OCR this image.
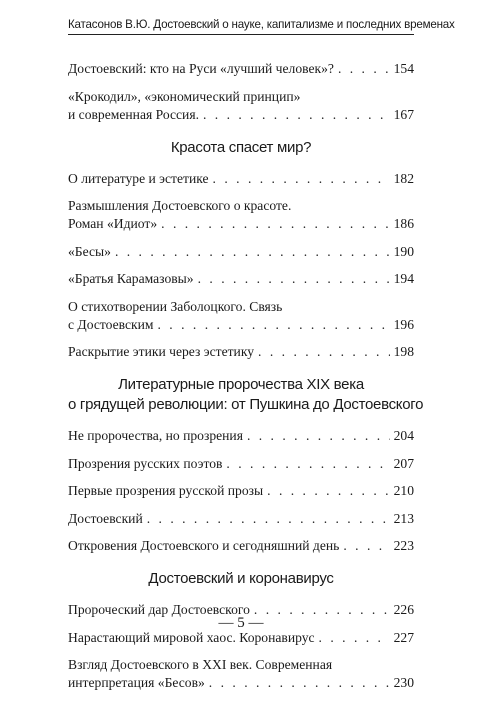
Катасонов В.Ю. Достоевский о науке, капитализме и последних временах
Достоевский: кто на Руси «лучший человек»? . . .	154
«Крокодил», «экономический принцип»
и современная Россия. . . .	167
Красота спасет мир?
О литературе и эстетике . . .	182
Размышления Достоевского о красоте.
Роман «Идиот» . . .	186
«Бесы» . . .	190
«Братья Карамазовы» . . .	194
О стихотворении Заболоцкого. Связь
с Достоевским . . .	196
Раскрытие этики через эстетику . . .	198
Литературные пророчества XIX века
о грядущей революции: от Пушкина до Достоевского
Не пророчества, но прозрения . . .	204
Прозрения русских поэтов . . .	207
Первые прозрения русской прозы . . .	210
Достоевский . . .	213
Откровения Достоевского и сегодняшний день . . .	223
Достоевский и коронавирус
Пророческий дар Достоевского . . .	226
Нарастающий мировой хаос. Коронавирус . . .	227
Взгляд Достоевского в XXI век. Современная
интерпретация «Бесов» . . .	230
— 5 —
